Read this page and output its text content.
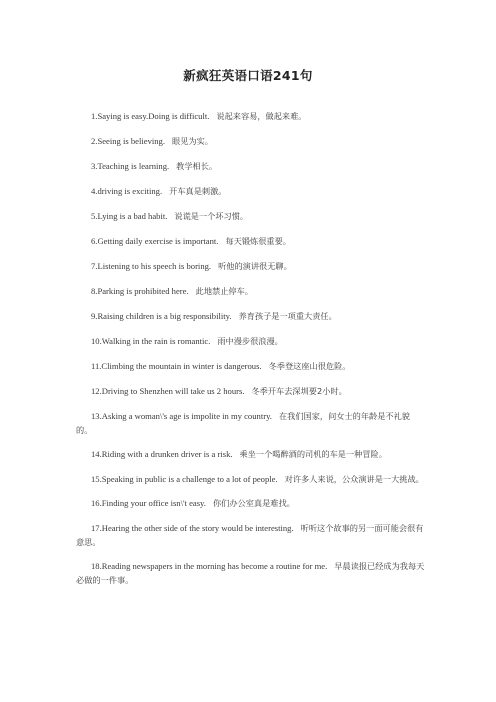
新疯狂英语口语241句

1.Saying is easy.Doing is difficult. 说起来容易，做起来难。

2.Seeing is believing. 眼见为实。

3.Teaching is learning. 教学相长。

4.driving is exciting. 开车真是刺激。

5.Lying is a bad habit. 说谎是一个坏习惯。

6.Getting daily exercise is important. 每天锻炼很重要。

7.Listening to his speech is boring. 听他的演讲很无聊。

8.Parking is prohibited here. 此地禁止停车。

9.Raising children is a big responsibility. 养育孩子是一项重大责任。

10.Walking in the rain is romantic. 雨中漫步很浪漫。

11.Climbing the mountain in winter is dangerous. 冬季登这座山很危险。

12.Driving to Shenzhen will take us 2 hours. 冬季开车去深圳要2小时。

13.Asking a woman\'s age is impolite in my country. 在我们国家，问女士的年龄是不礼貌的。

14.Riding with a drunken driver is a risk. 乘坐一个喝醉酒的司机的车是一种冒险。

15.Speaking in public is a challenge to a lot of people. 对许多人来说，公众演讲是一大挑战。

16.Finding your office isn\'t easy. 你们办公室真是难找。

17.Hearing the other side of the story would be interesting. 听听这个故事的另一面可能会很有意思。

18.Reading newspapers in the morning has become a routine for me. 早晨读报已经成为我每天必做的一件事。
